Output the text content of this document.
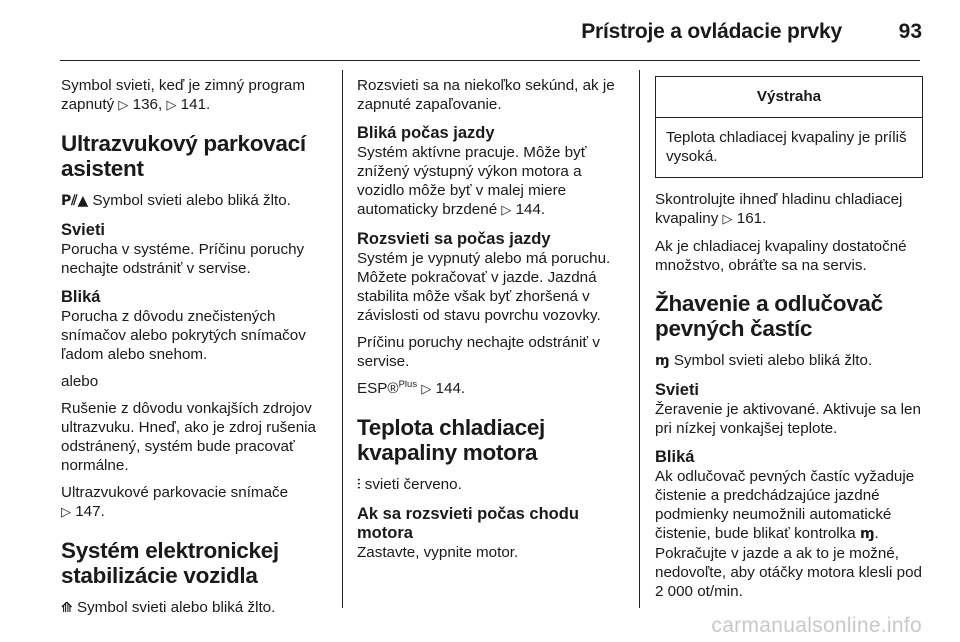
Prístroje a ovládacie prvky	93

Symbol svieti, keď je zimný program zapnutý ▷ 136, ▷ 141.

Ultrazvukový parkovací asistent

P⫽▲ Symbol svieti alebo bliká žlto.

Svieti

Porucha v systéme. Príčinu poruchy nechajte odstrániť v servise.

Bliká

Porucha z dôvodu znečistených snímačov alebo pokrytých snímačov ľadom alebo snehom.

alebo

Rušenie z dôvodu vonkajších zdrojov ultrazvuku. Hneď, ako je zdroj rušenia odstránený, systém bude pracovať normálne.

Ultrazvukové parkovacie snímače
▷ 147.

Systém elektronickej stabilizácie vozidla

⟰ Symbol svieti alebo bliká žlto.

Rozsvieti sa na niekoľko sekúnd, ak je zapnuté zapaľovanie.

Bliká počas jazdy

Systém aktívne pracuje. Môže byť znížený výstupný výkon motora a vozidlo môže byť v malej miere automaticky brzdené ▷ 144.

Rozsvieti sa počas jazdy

Systém je vypnutý alebo má poruchu. Môžete pokračovať v jazde. Jazdná stabilita môže však byť zhoršená v závislosti od stavu povrchu vozovky.

Príčinu poruchy nechajte odstrániť v servise.

ESP®$^{Plus}$ ▷ 144.

Teplota chladiacej kvapaliny motora

⫶ svieti červeno.

Ak sa rozsvieti počas chodu motora

Zastavte, vypnite motor.

Výstraha
Teplota chladiacej kvapaliny je príliš vysoká.

Skontrolujte ihneď hladinu chladiacej kvapaliny ▷ 161.

Ak je chladiacej kvapaliny dostatočné množstvo, obráťte sa na servis.

Žhavenie a odlučovač pevných častíc

ɱ Symbol svieti alebo bliká žlto.

Svieti

Žeravenie je aktivované. Aktivuje sa len pri nízkej vonkajšej teplote.

Bliká

Ak odlučovač pevných častíc vyžaduje čistenie a predchádzajúce jazdné podmienky neumožnili automatické čistenie, bude blikať kontrolka ɱ. Pokračujte v jazde a ak to je možné, nedovoľte, aby otáčky motora klesli pod 2 000 ot/min.

carmanualsonline.info
